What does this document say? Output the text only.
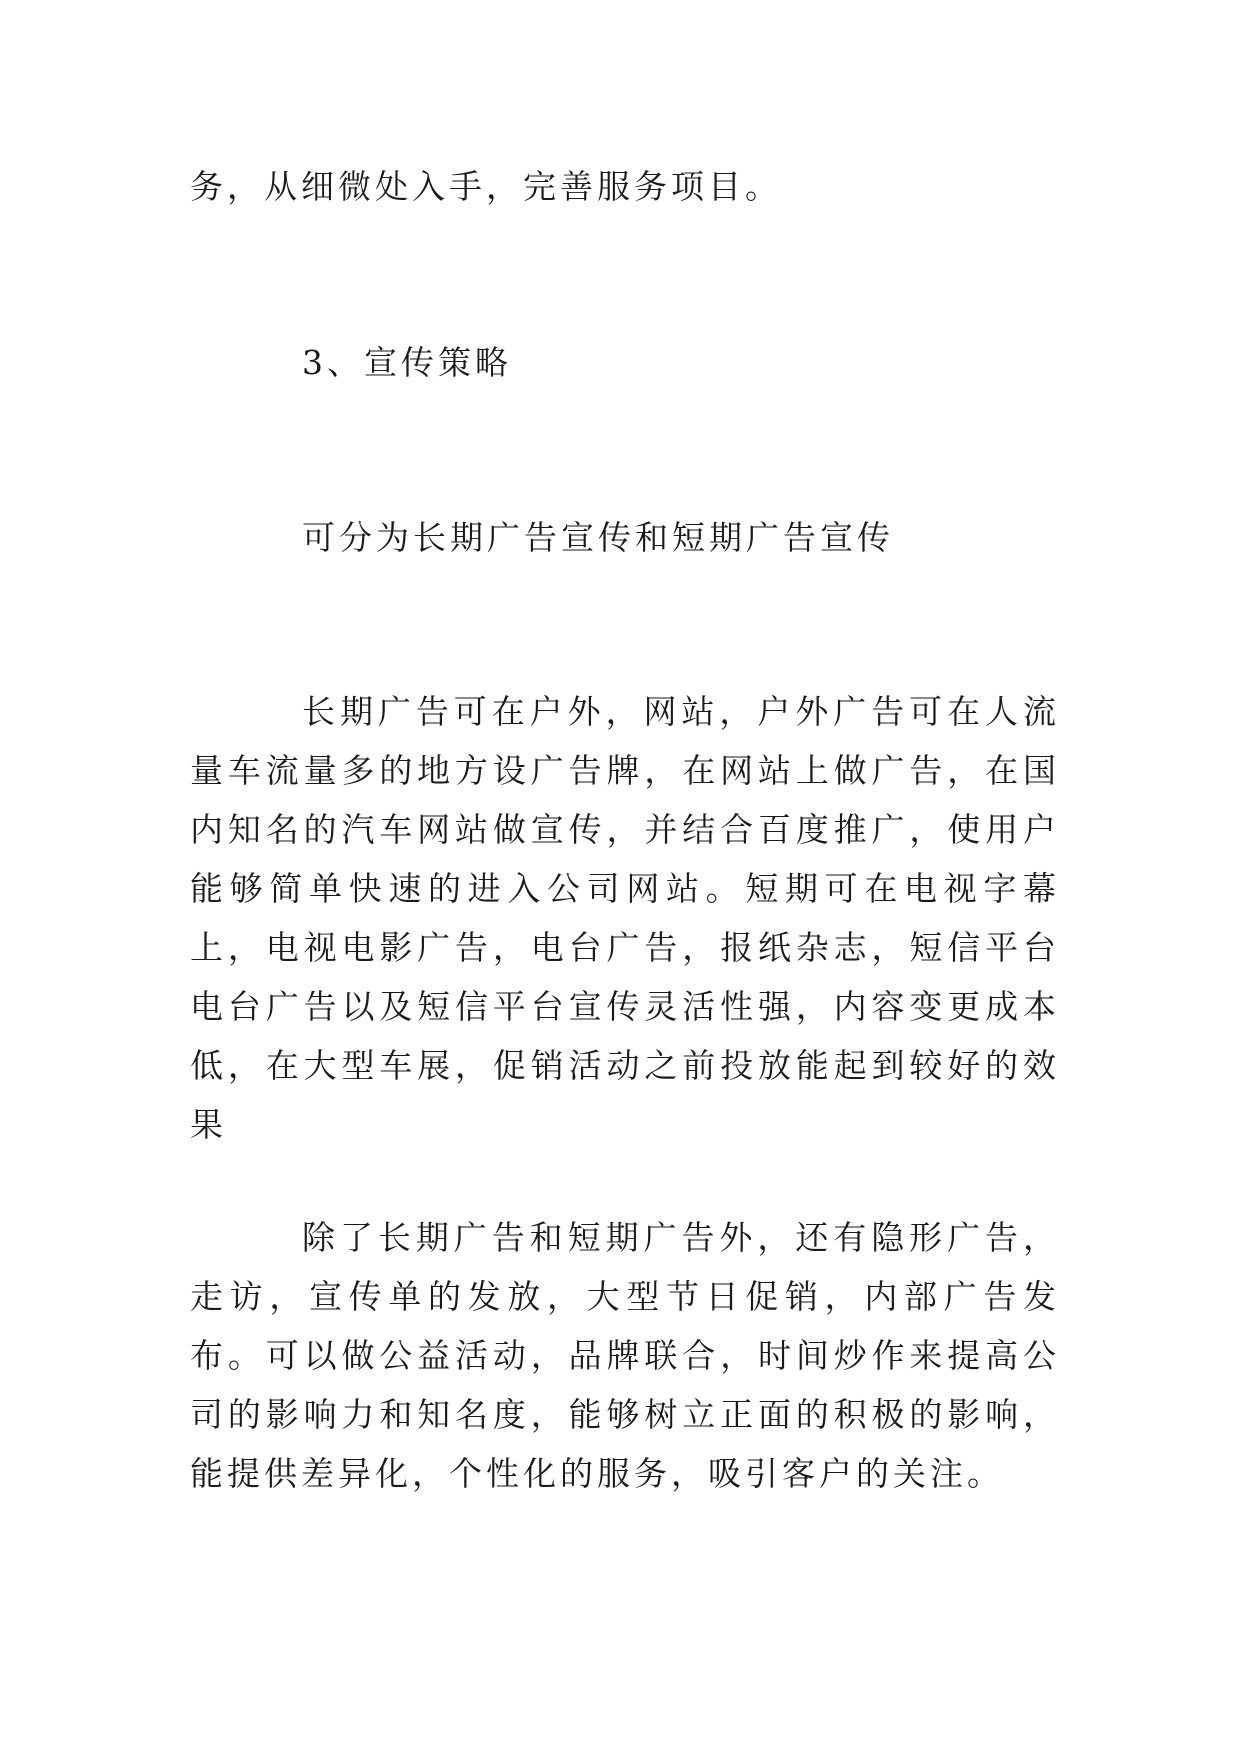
务，从细微处入手，完善服务项目。

3、宣传策略

可分为长期广告宣传和短期广告宣传

长期广告可在户外，网站，户外广告可在人流量车流量多的地方设广告牌，在网站上做广告，在国内知名的汽车网站做宣传，并结合百度推广，使用户能够简单快速的进入公司网站。短期可在电视字幕上，电视电影广告，电台广告，报纸杂志，短信平台电台广告以及短信平台宣传灵活性强，内容变更成本低，在大型车展，促销活动之前投放能起到较好的效果

除了长期广告和短期广告外，还有隐形广告，走访，宣传单的发放，大型节日促销，内部广告发布。可以做公益活动，品牌联合，时间炒作来提高公司的影响力和知名度，能够树立正面的积极的影响，能提供差异化，个性化的服务，吸引客户的关注。
